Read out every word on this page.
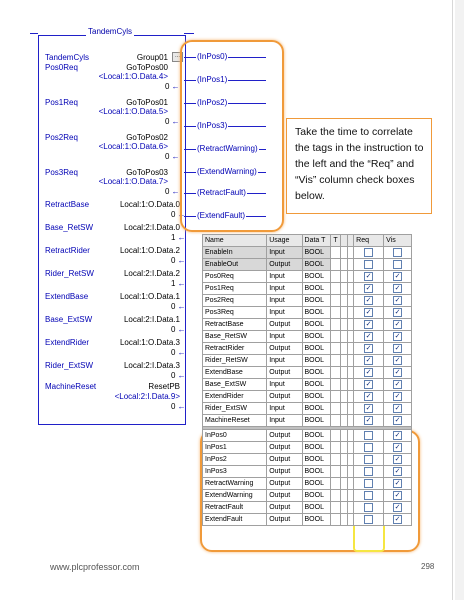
TandemCyls
TandemCyls	Group01
Pos0Req	GoToPos00
<Local:1:O.Data.4>
0 ←
Pos1Req	GoToPos01
<Local:1:O.Data.5>
0 ←
Pos2Req	GoToPos02
<Local:1:O.Data.6>
0 ←
Pos3Req	GoToPos03
<Local:1:O.Data.7>
0 ←
RetractBase	Local:1:O.Data.0
0 ←
Base_RetSW	Local:2:I.Data.0
1 ←
RetractRider	Local:1:O.Data.2
0 ←
Rider_RetSW	Local:2:I.Data.2
1 ←
ExtendBase	Local:1:O.Data.1
0 ←
Base_ExtSW	Local:2:I.Data.1
0 ←
ExtendRider	Local:1:O.Data.3
0 ←
Rider_ExtSW	Local:2:I.Data.3
0 ←
MachineReset	ResetPB
<Local:2:I.Data.9>
0 ←
...	(InPos0)
(InPos1)
(InPos2)
(InPos3)
(RetractWarning)
(ExtendWarning)
(RetractFault)
(ExtendFault)
Take the time to correlate the tags in the instruction to the left and the “Req” and “Vis” column check boxes below.
Name	Usage	Data T	T			Req	Vis
EnableIn	Input	BOOL					
EnableOut	Output	BOOL					
Pos0Req	Input	BOOL				✓	✓
Pos1Req	Input	BOOL				✓	✓
Pos2Req	Input	BOOL				✓	✓
Pos3Req	Input	BOOL				✓	✓
RetractBase	Output	BOOL				✓	✓
Base_RetSW	Input	BOOL				✓	✓
RetractRider	Output	BOOL				✓	✓
Rider_RetSW	Input	BOOL				✓	✓
ExtendBase	Output	BOOL				✓	✓
Base_ExtSW	Input	BOOL				✓	✓
ExtendRider	Output	BOOL				✓	✓
Rider_ExtSW	Input	BOOL				✓	✓
MachineReset	Input	BOOL				✓	✓

InPos0	Output	BOOL					✓
InPos1	Output	BOOL					✓
InPos2	Output	BOOL					✓
InPos3	Output	BOOL					✓
RetractWarning	Output	BOOL					✓
ExtendWarning	Output	BOOL					✓
RetractFault	Output	BOOL					✓
ExtendFault	Output	BOOL					✓
www.plcprofessor.com	298
